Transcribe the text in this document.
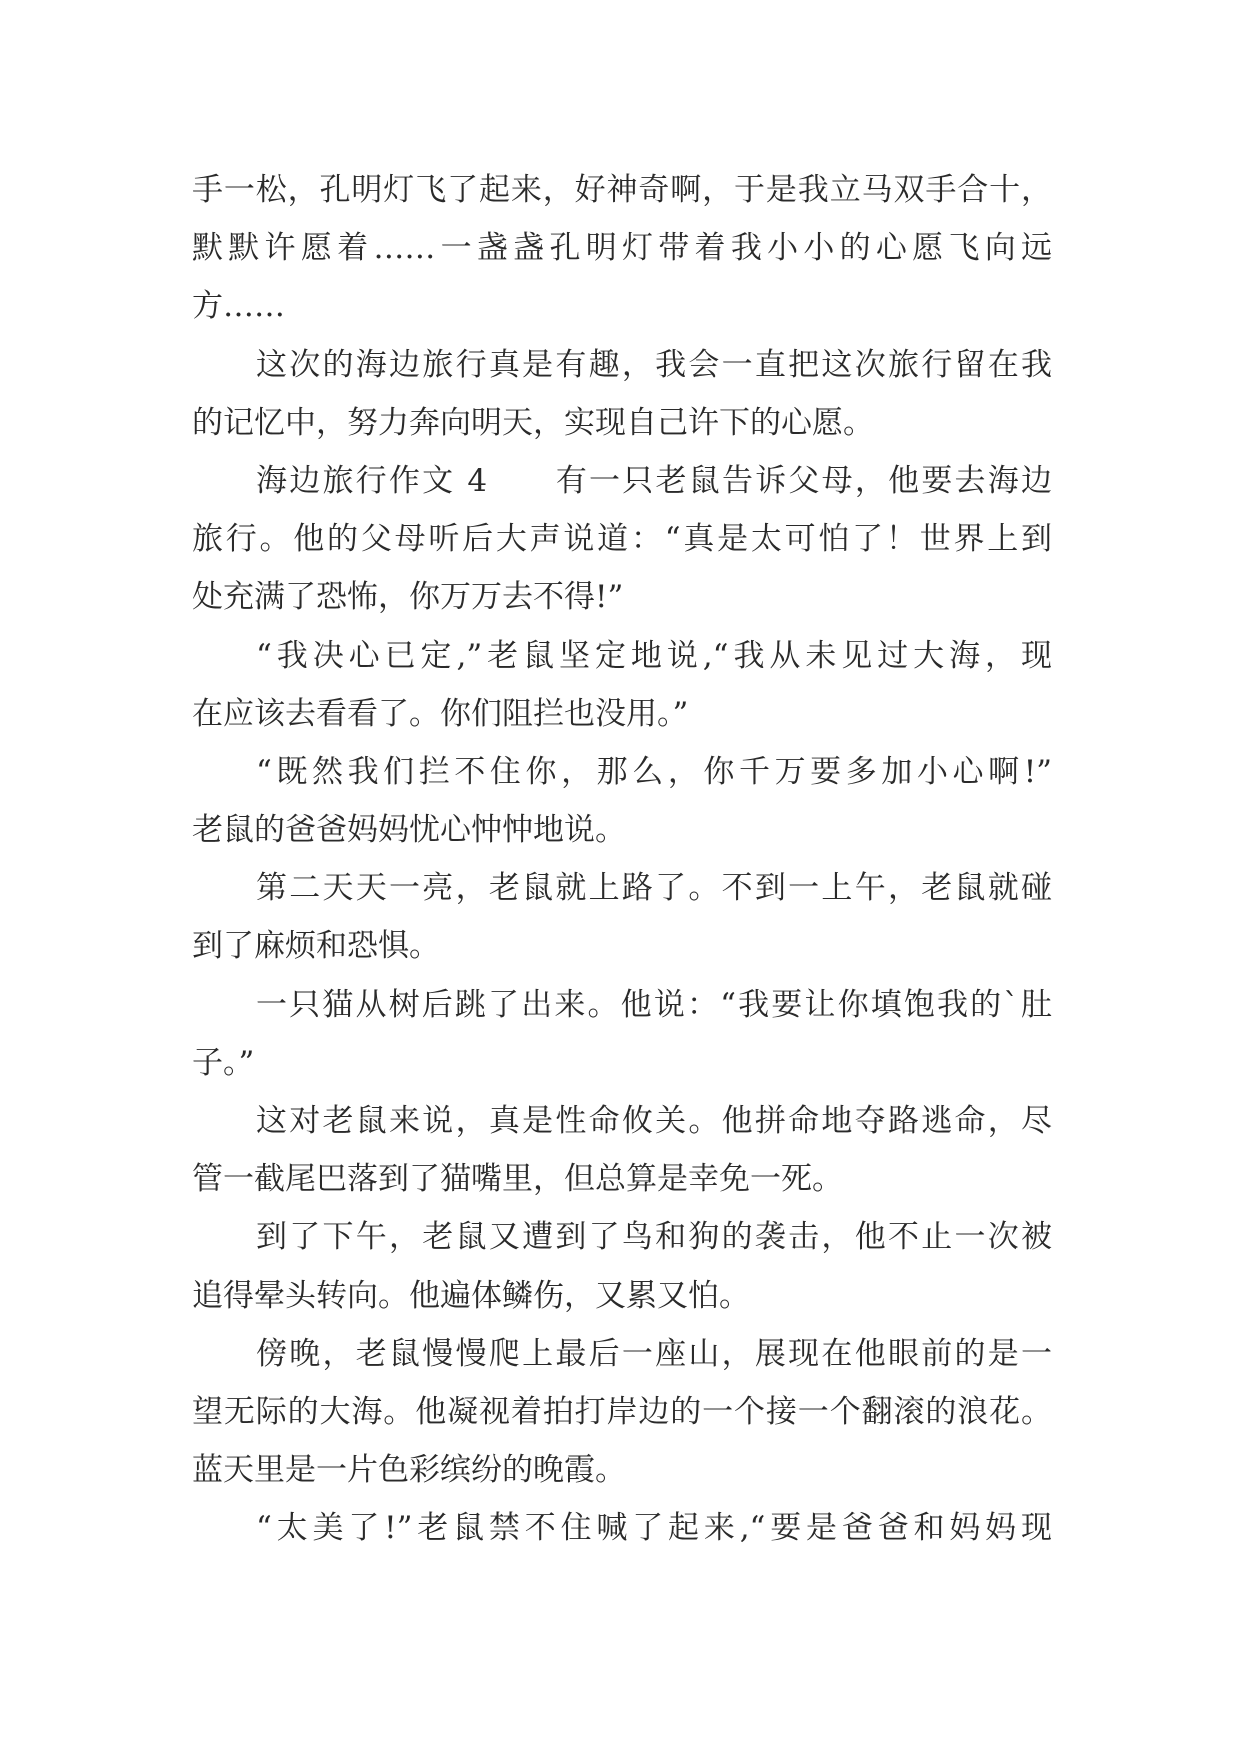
手一松，孔明灯飞了起来，好神奇啊，于是我立马双手合十，
默默许愿着……一盏盏孔明灯带着我小小的心愿飞向远
方……
这次的海边旅行真是有趣，我会一直把这次旅行留在我
的记忆中，努力奔向明天，实现自己许下的心愿。
海边旅行作文 4　　有一只老鼠告诉父母，他要去海边
旅行。他的父母听后大声说道：“真是太可怕了！世界上到
处充满了恐怖，你万万去不得!”
“我决心已定,”老鼠坚定地说,“我从未见过大海，现
在应该去看看了。你们阻拦也没用。”
“既然我们拦不住你，那么，你千万要多加小心啊!”
老鼠的爸爸妈妈忧心忡忡地说。
第二天天一亮，老鼠就上路了。不到一上午，老鼠就碰
到了麻烦和恐惧。
一只猫从树后跳了出来。他说：“我要让你填饱我的`肚
子。”
这对老鼠来说，真是性命攸关。他拼命地夺路逃命，尽
管一截尾巴落到了猫嘴里，但总算是幸免一死。
到了下午，老鼠又遭到了鸟和狗的袭击，他不止一次被
追得晕头转向。他遍体鳞伤，又累又怕。
傍晚，老鼠慢慢爬上最后一座山，展现在他眼前的是一
望无际的大海。他凝视着拍打岸边的一个接一个翻滚的浪花。
蓝天里是一片色彩缤纷的晚霞。
“太美了!”老鼠禁不住喊了起来,“要是爸爸和妈妈现
